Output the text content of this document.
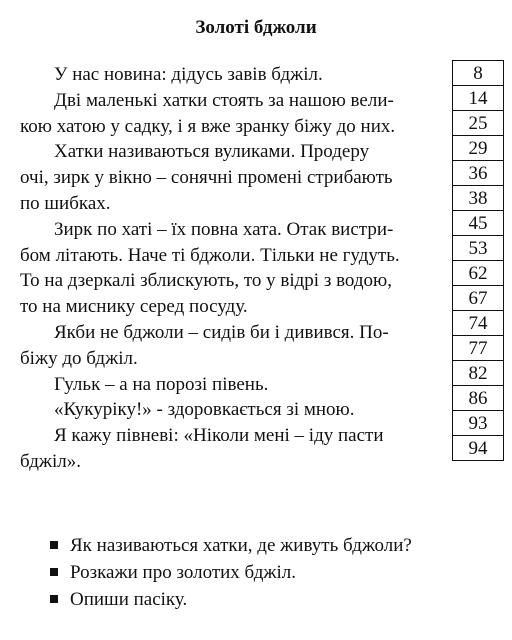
Золоті бджоли
У нас новина: дідусь завів бджіл.
Дві маленькі хатки стоять за нашою вели-
кою хатою у садку, і я вже зранку біжу до них.
Хатки називаються вуликами. Продеру
очі, зирк у вікно – сонячні промені стрибають
по шибках.
Зирк по хаті – їх повна хата. Отак вистри-
бом літають. Наче ті бджоли. Тільки не гудуть.
То на дзеркалі зблискують, то у відрі з водою,
то на миснику серед посуду.
Якби не бджоли – сидів би і дивився. По-
біжу до бджіл.
Гульк – а на порозі півень.
«Кукуріку!» - здоровкається зі мною.
Я кажу півневі: «Ніколи мені – іду пасти
бджіл».
8
14
25
29
36
38
45
53
62
67
74
77
82
86
93
94
Як називаються хатки, де живуть бджоли?
Розкажи про золотих бджіл.
Опиши пасіку.
